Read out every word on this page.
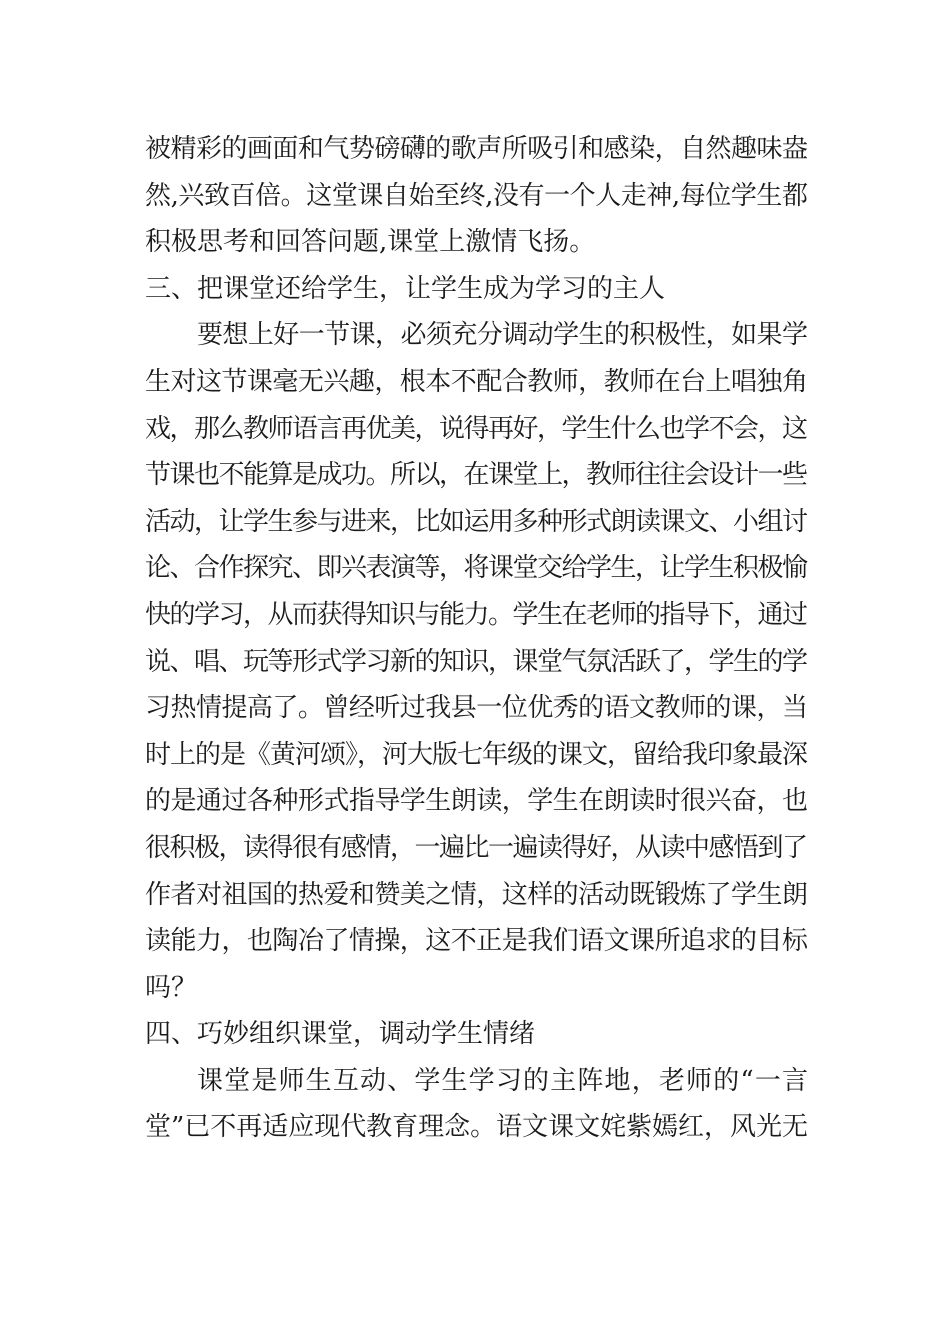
被精彩的画面和气势磅礴的歌声所吸引和感染，自然趣味盎
然,兴致百倍。这堂课自始至终,没有一个人走神,每位学生都
积极思考和回答问题,课堂上激情飞扬。
三、把课堂还给学生，让学生成为学习的主人
要想上好一节课，必须充分调动学生的积极性，如果学
生对这节课毫无兴趣，根本不配合教师，教师在台上唱独角
戏，那么教师语言再优美，说得再好，学生什么也学不会，这
节课也不能算是成功。所以，在课堂上，教师往往会设计一些
活动，让学生参与进来，比如运用多种形式朗读课文、小组讨
论、合作探究、即兴表演等，将课堂交给学生，让学生积极愉
快的学习，从而获得知识与能力。学生在老师的指导下，通过
说、唱、玩等形式学习新的知识，课堂气氛活跃了，学生的学
习热情提高了。曾经听过我县一位优秀的语文教师的课，当
时上的是《黄河颂》，河大版七年级的课文，留给我印象最深
的是通过各种形式指导学生朗读，学生在朗读时很兴奋，也
很积极，读得很有感情，一遍比一遍读得好，从读中感悟到了
作者对祖国的热爱和赞美之情，这样的活动既锻炼了学生朗
读能力，也陶冶了情操，这不正是我们语文课所追求的目标
吗？
四、巧妙组织课堂，调动学生情绪
课堂是师生互动、学生学习的主阵地，老师的“一言
堂”已不再适应现代教育理念。语文课文姹紫嫣红，风光无
